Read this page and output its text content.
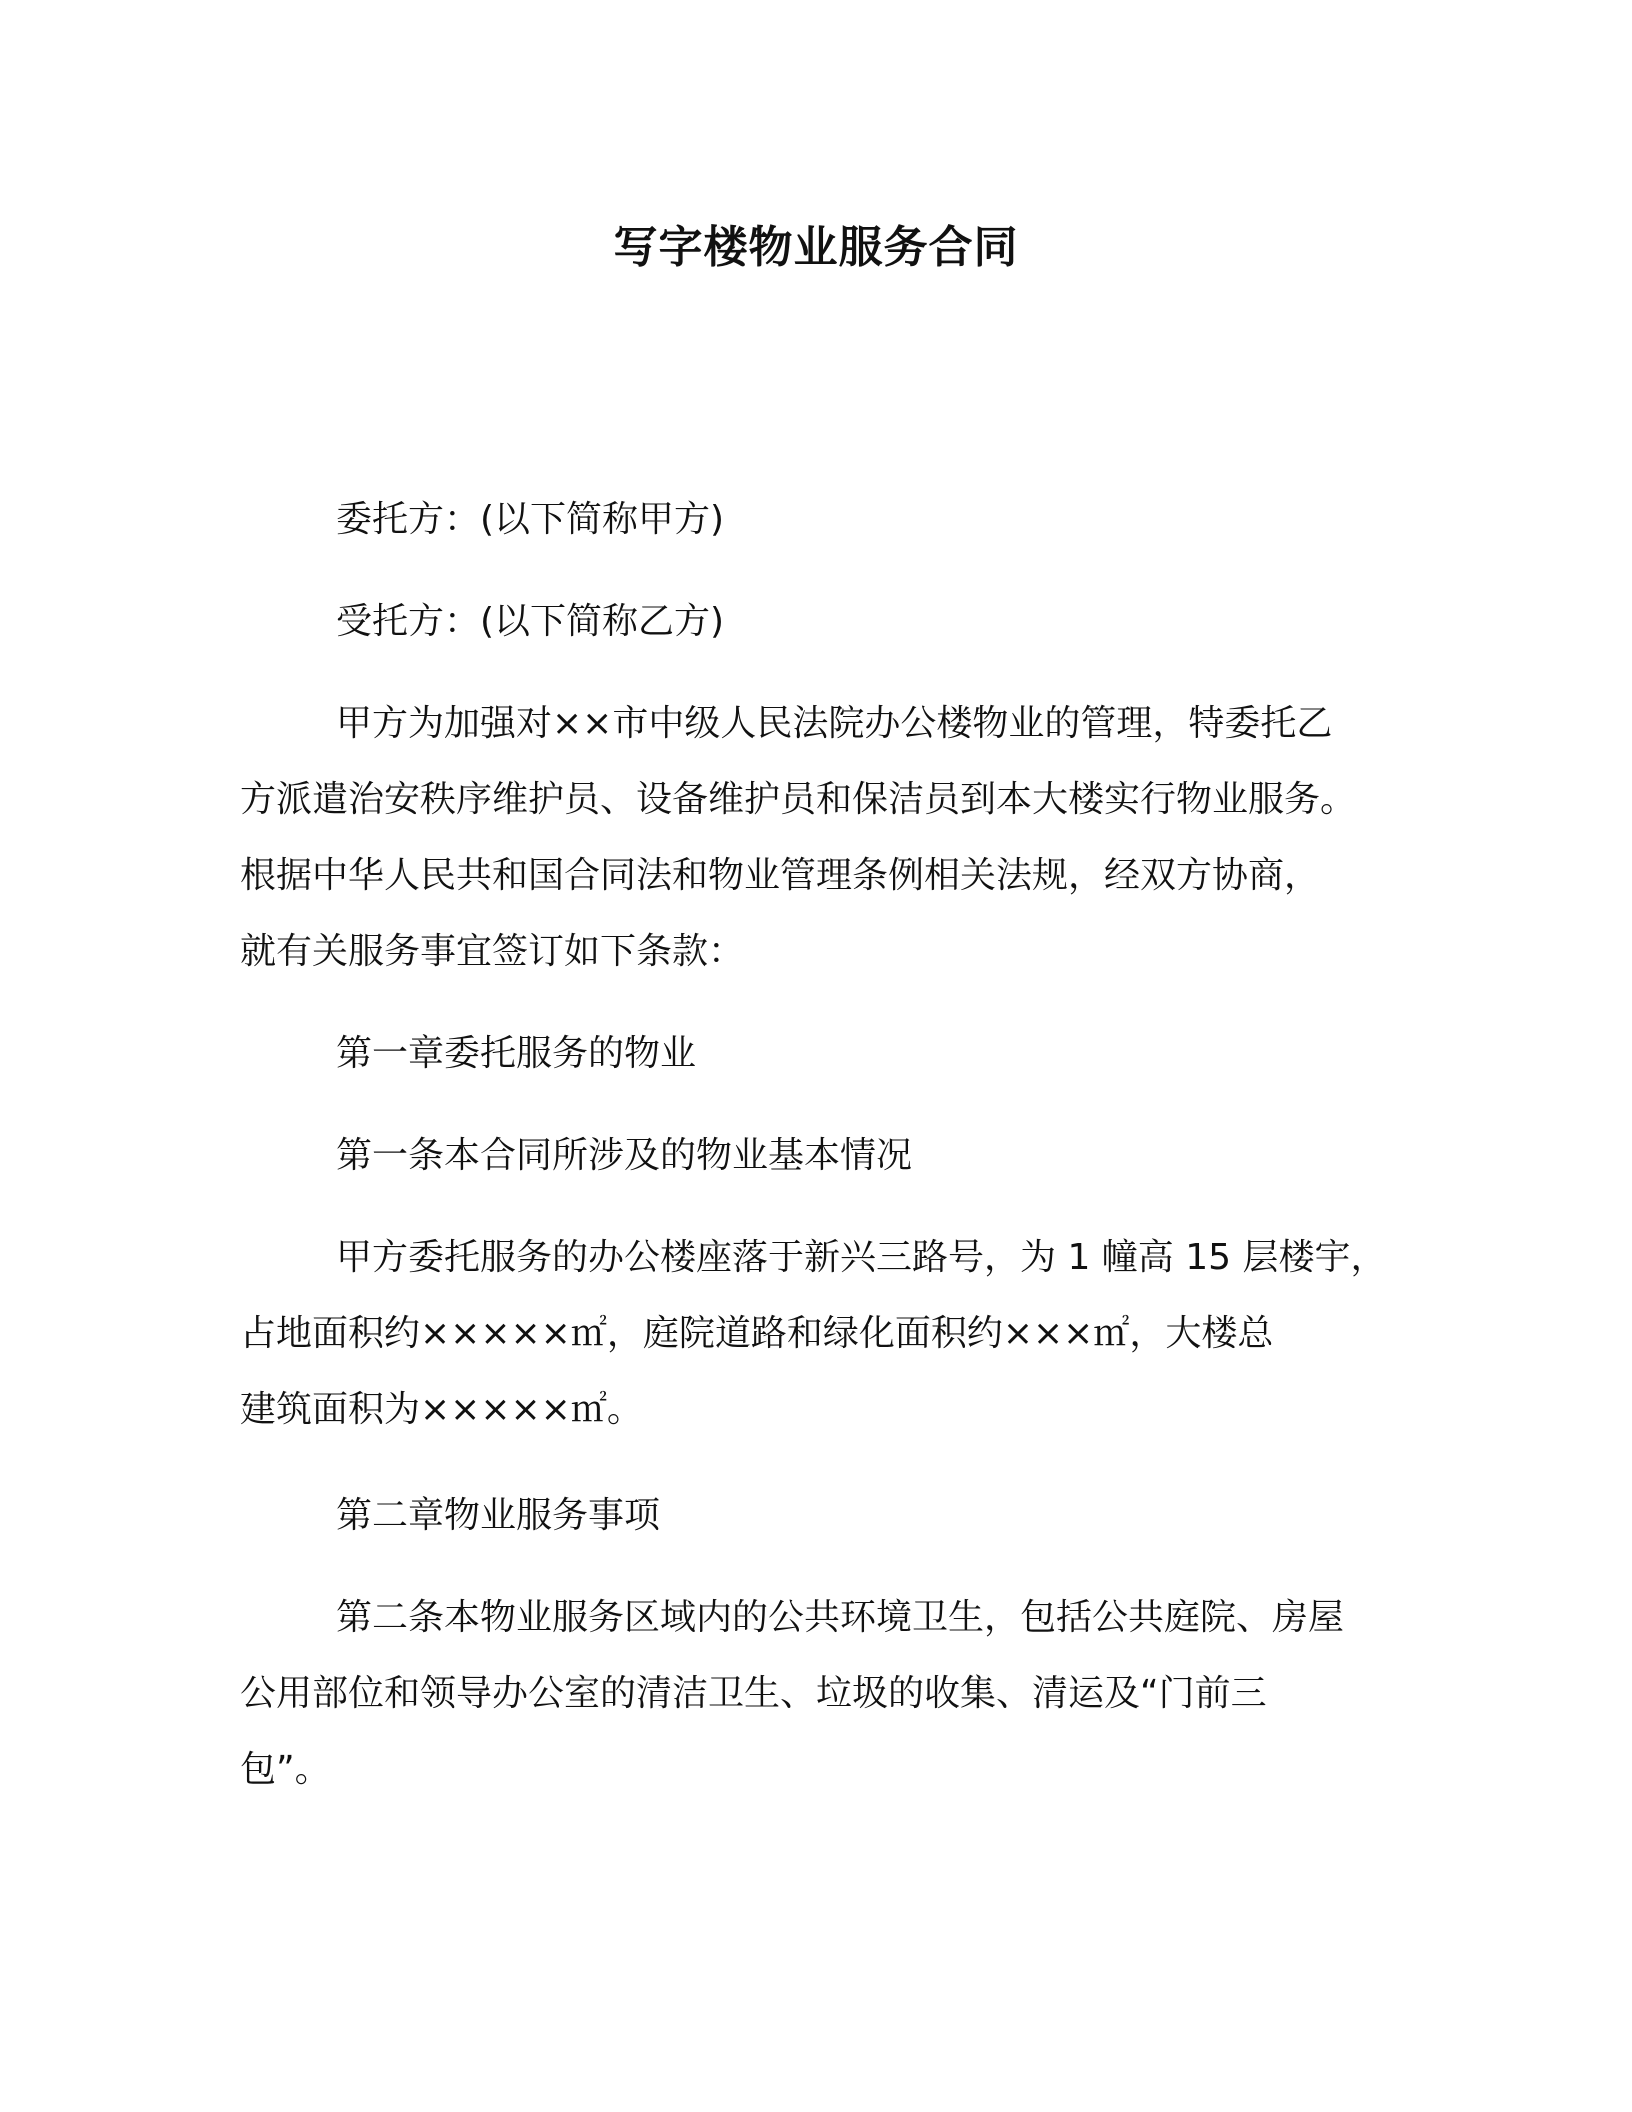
写字楼物业服务合同
委托方：(以下简称甲方)
受托方：(以下简称乙方)
甲方为加强对××市中级人民法院办公楼物业的管理，特委托乙
方派遣治安秩序维护员、设备维护员和保洁员到本大楼实行物业服务。
根据中华人民共和国合同法和物业管理条例相关法规，经双方协商，
就有关服务事宜签订如下条款：
第一章委托服务的物业
第一条本合同所涉及的物业基本情况
甲方委托服务的办公楼座落于新兴三路号，为 1 幢高 15 层楼宇，
占地面积约×××××㎡，庭院道路和绿化面积约×××㎡，大楼总
建筑面积为×××××㎡。
第二章物业服务事项
第二条本物业服务区域内的公共环境卫生，包括公共庭院、房屋
公用部位和领导办公室的清洁卫生、垃圾的收集、清运及“门前三
包”。
